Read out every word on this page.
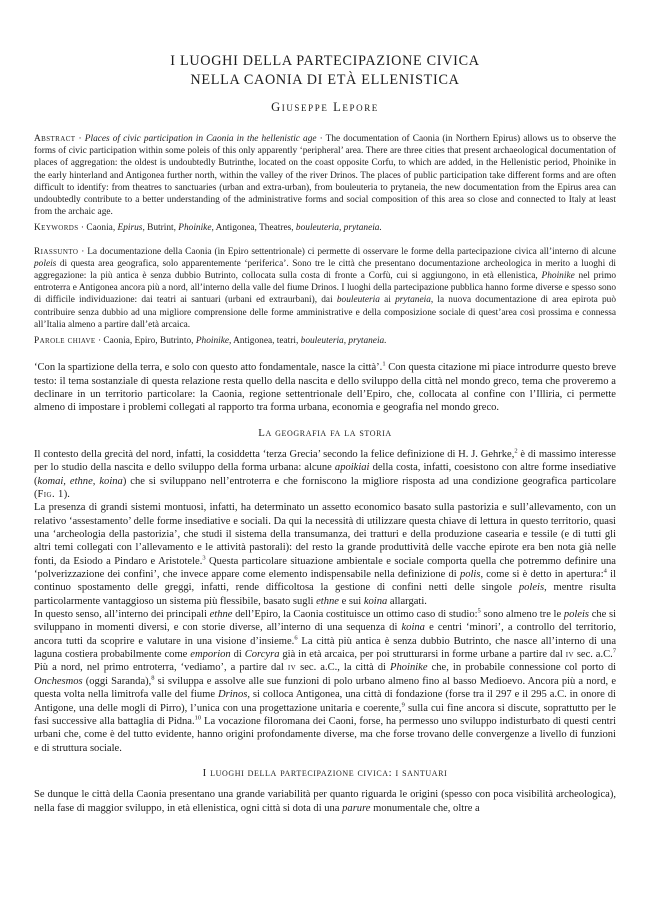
I LUOGHI DELLA PARTECIPAZIONE CIVICA
NELLA CAONIA DI ETÀ ELLENISTICA
Giuseppe Lepore

Abstract · Places of civic participation in Caonia in the hellenistic age · The documentation of Caonia (in Northern Epirus) allows us to observe the forms of civic participation within some poleis of this only apparently ‘peripheral’ area. There are three cities that present archaeological documentation of places of aggregation: the oldest is undoubtedly Butrinthe, located on the coast opposite Corfu, to which are added, in the Hellenistic period, Phoinike in the early hinterland and Antigonea further north, within the valley of the river Drinos. The places of public participation take different forms and are often difficult to identify: from theatres to sanctuaries (urban and extra-urban), from bouleuteria to prytaneia, the new documentation from the Epirus area can undoubtedly contribute to a better understanding of the administrative forms and social composition of this area so close and connected to Italy at least from the archaic age.

Keywords · Caonia, Epirus, Butrint, Phoinike, Antigonea, Theatres, bouleuteria, prytaneia.

Riassunto · La documentazione della Caonia (in Epiro settentrionale) ci permette di osservare le forme della partecipazione civica all’interno di alcune poleis di questa area geografica, solo apparentemente ‘periferica’. Sono tre le città che presentano documentazione archeologica in merito a luoghi di aggregazione: la più antica è senza dubbio Butrinto, collocata sulla costa di fronte a Corfù, cui si aggiungono, in età ellenistica, Phoinike nel primo entroterra e Antigonea ancora più a nord, all’interno della valle del fiume Drinos. I luoghi della partecipazione pubblica hanno forme diverse e spesso sono di difficile individuazione: dai teatri ai santuari (urbani ed extraurbani), dai bouleuteria ai prytaneia, la nuova documentazione di area epirota può contribuire senza dubbio ad una migliore comprensione delle forme amministrative e della composizione sociale di quest’area così prossima e connessa all’Italia almeno a partire dall’età arcaica.

Parole chiave · Caonia, Epiro, Butrinto, Phoinike, Antigonea, teatri, bouleuteria, prytaneia.

‘Con la spartizione della terra, e solo con questo atto fondamentale, nasce la città’.$^1$ Con questa citazione mi piace introdurre questo breve testo: il tema sostanziale di questa relazione resta quello della nascita e dello sviluppo della città nel mondo greco, tema che proveremo a declinare in un territorio particolare: la Caonia, regione settentrionale dell’Epiro, che, collocata al confine con l’Illiria, ci permette almeno di impostare i problemi collegati al rapporto tra forma urbana, economia e geografia nel mondo greco.

La geografia fa la storia

Il contesto della grecità del nord, infatti, la cosiddetta ‘terza Grecia’ secondo la felice definizione di H. J. Gehrke,$^2$ è di massimo interesse per lo studio della nascita e dello sviluppo della forma urbana: alcune apoikiai della costa, infatti, coesistono con altre forme insediative (komai, ethne, koina) che si sviluppano nell’entroterra e che forniscono la migliore risposta ad una condizione geografica particolare (Fig. 1).

La presenza di grandi sistemi montuosi, infatti, ha determinato un assetto economico basato sulla pastorizia e sull’allevamento, con un relativo ‘assestamento’ delle forme insediative e sociali. Da qui la necessità di utilizzare questa chiave di lettura in questo territorio, quasi una ‘archeologia della pastorizia’, che studi il sistema della transumanza, dei tratturi e della produzione casearia e tessile (e di tutti gli altri temi collegati con l’allevamento e le attività pastorali): del resto la grande produttività delle vacche epirote era ben nota già nelle fonti, da Esiodo a Pindaro e Aristotele.$^3$ Questa particolare situazione ambientale e sociale comporta quella che potremmo definire una ‘polverizzazione dei confini’, che invece appare come elemento indispensabile nella definizione di polis, come si è detto in apertura:$^4$ il continuo spostamento delle greggi, infatti, rende difficoltosa la gestione di confini netti delle singole poleis, mentre risulta particolarmente vantaggioso un sistema più flessibile, basato sugli ethne e sui koina allargati.

In questo senso, all’interno dei principali ethne dell’Epiro, la Caonia costituisce un ottimo caso di studio:$^5$ sono almeno tre le poleis che si sviluppano in momenti diversi, e con storie diverse, all’interno di una sequenza di koina e centri ‘minori’, a controllo del territorio, ancora tutti da scoprire e valutare in una visione d’insieme.$^6$ La città più antica è senza dubbio Butrinto, che nasce all’interno di una laguna costiera probabilmente come emporion di Corcyra già in età arcaica, per poi strutturarsi in forme urbane a partire dal iv sec. a.C.$^7$ Più a nord, nel primo entroterra, ‘vediamo’, a partire dal iv sec. a.C., la città di Phoinike che, in probabile connessione col porto di Onchesmos (oggi Saranda),$^8$ si sviluppa e assolve alle sue funzioni di polo urbano almeno fino al basso Medioevo. Ancora più a nord, e questa volta nella limitrofa valle del fiume Drinos, si colloca Antigonea, una città di fondazione (forse tra il 297 e il 295 a.C. in onore di Antigone, una delle mogli di Pirro), l’unica con una progettazione unitaria e coerente,$^9$ sulla cui fine ancora si discute, soprattutto per le fasi successive alla battaglia di Pidna.$^{10}$ La vocazione filoromana dei Caoni, forse, ha permesso uno sviluppo indisturbato di questi centri urbani che, come è del tutto evidente, hanno origini profondamente diverse, ma che forse trovano delle convergenze a livello di funzioni e di struttura sociale.

I luoghi della partecipazione civica: i santuari

Se dunque le città della Caonia presentano una grande variabilità per quanto riguarda le origini (spesso con poca visibilità archeologica), nella fase di maggior sviluppo, in età ellenistica, ogni città si dota di una parure monumentale che, oltre a
